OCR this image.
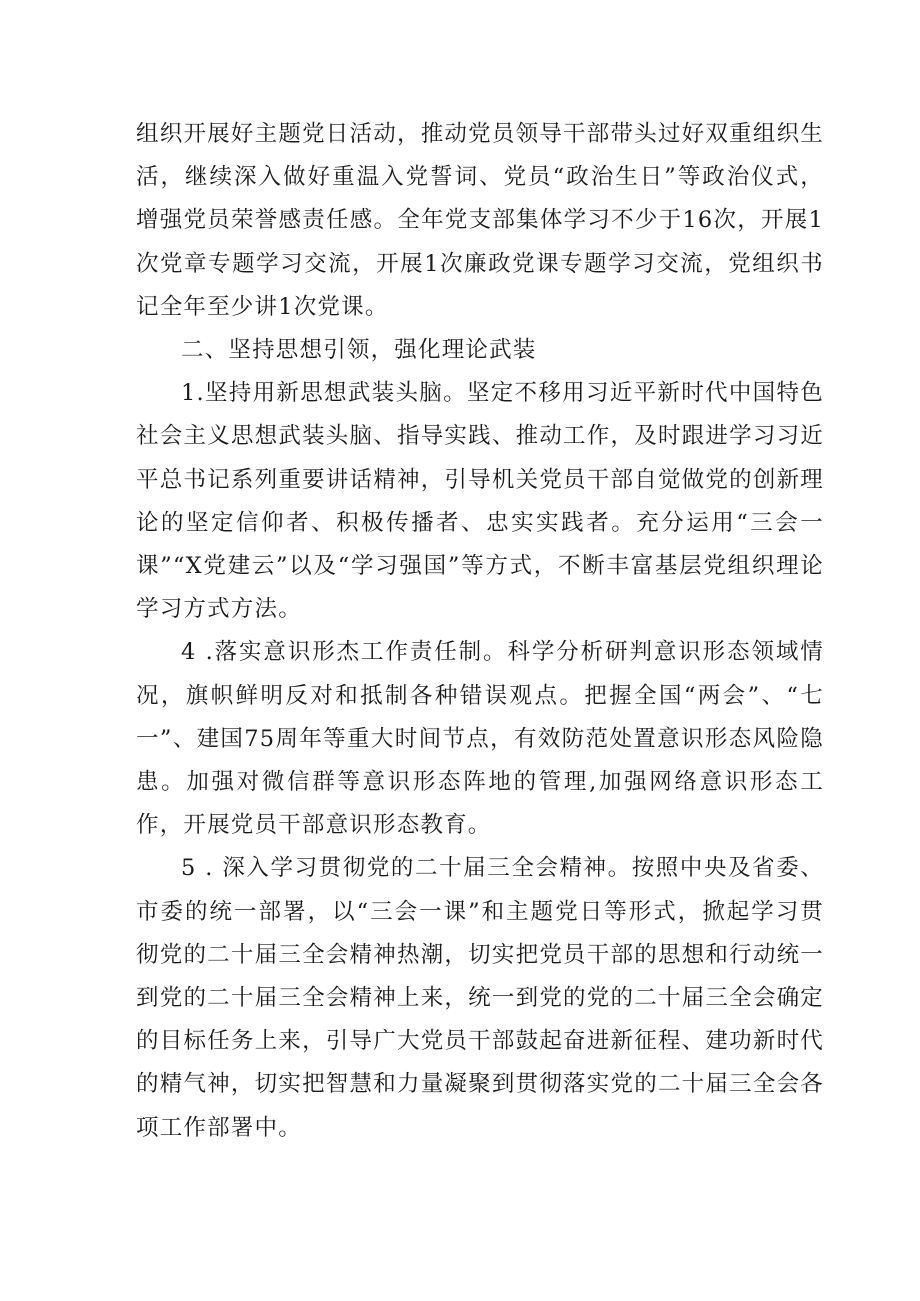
组织开展好主题党日活动，推动党员领导干部带头过好双重组织生活，继续深入做好重温入党誓词、党员“政治生日”等政治仪式，增强党员荣誉感责任感。全年党支部集体学习不少于16次，开展1次党章专题学习交流，开展1次廉政党课专题学习交流，党组织书记全年至少讲1次党课。

二、坚持思想引领，强化理论武装

1.坚持用新思想武装头脑。坚定不移用习近平新时代中国特色社会主义思想武装头脑、指导实践、推动工作，及时跟进学习习近平总书记系列重要讲话精神，引导机关党员干部自觉做党的创新理论的坚定信仰者、积极传播者、忠实实践者。充分运用“三会一课”“X党建云”以及“学习强国”等方式，不断丰富基层党组织理论学习方式方法。

4 .落实意识形杰工作责任制。科学分析研判意识形态领域情况，旗帜鲜明反对和抵制各种错误观点。把握全国“两会”、“七一”、建国75周年等重大时间节点，有效防范处置意识形态风险隐患。加强对微信群等意识形态阵地的管理,加强网络意识形态工作，开展党员干部意识形态教育。

5 . 深入学习贯彻党的二十届三全会精神。按照中央及省委、市委的统一部署，以“三会一课”和主题党日等形式，掀起学习贯彻党的二十届三全会精神热潮，切实把党员干部的思想和行动统一到党的二十届三全会精神上来，统一到党的党的二十届三全会确定的目标任务上来，引导广大党员干部鼓起奋进新征程、建功新时代的精气神，切实把智慧和力量凝聚到贯彻落实党的二十届三全会各项工作部署中。
